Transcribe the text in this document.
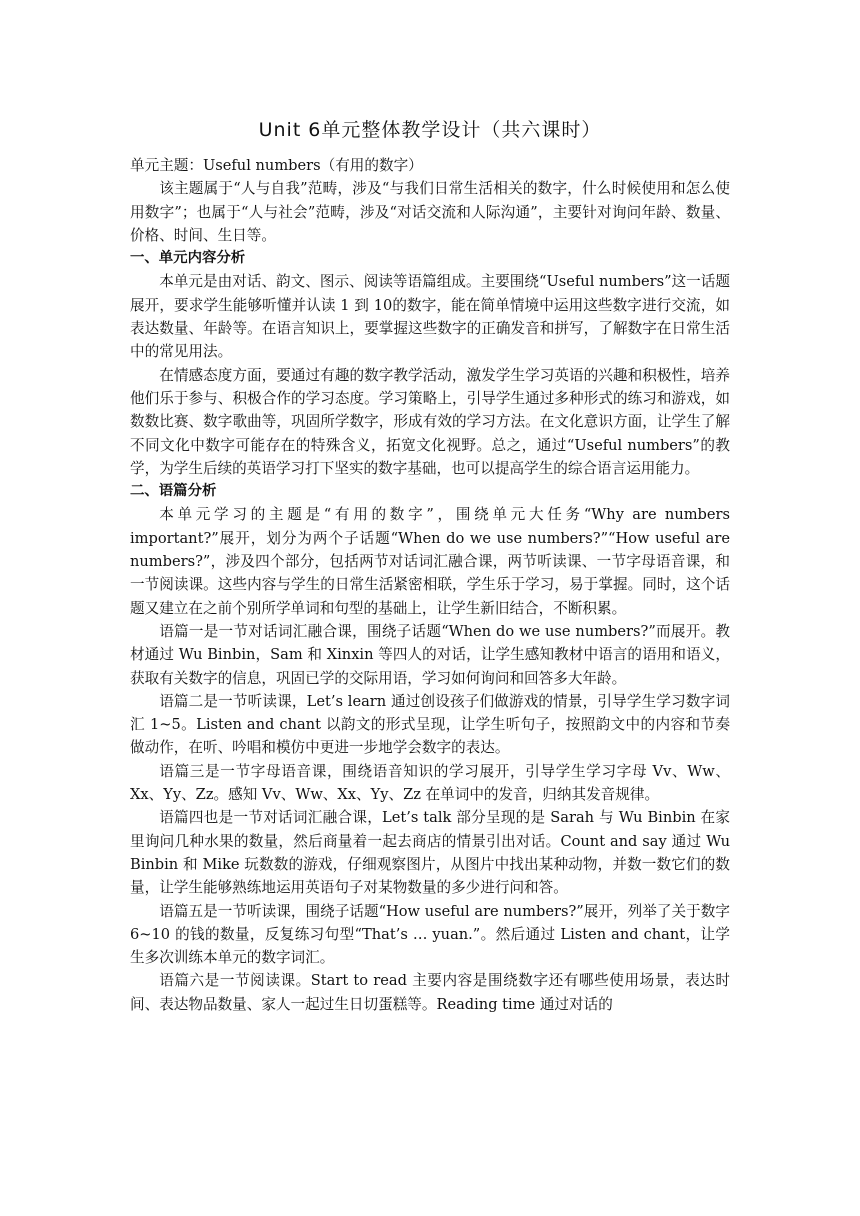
Unit 6单元整体教学设计（共六课时）

单元主题：Useful numbers（有用的数字）

该主题属于“人与自我”范畴，涉及“与我们日常生活相关的数字，什么时候使用和怎么使用数字”；也属于“人与社会”范畴，涉及“对话交流和人际沟通”，主要针对询问年龄、数量、价格、时间、生日等。

一、单元内容分析

本单元是由对话、韵文、图示、阅读等语篇组成。主要围绕“Useful numbers”这一话题展开，要求学生能够听懂并认读 1 到 10的数字，能在简单情境中运用这些数字进行交流，如表达数量、年龄等。在语言知识上，要掌握这些数字的正确发音和拼写，了解数字在日常生活中的常见用法。

在情感态度方面，要通过有趣的数字教学活动，激发学生学习英语的兴趣和积极性，培养他们乐于参与、积极合作的学习态度。学习策略上，引导学生通过多种形式的练习和游戏，如数数比赛、数字歌曲等，巩固所学数字，形成有效的学习方法。在文化意识方面，让学生了解不同文化中数字可能存在的特殊含义，拓宽文化视野。总之，通过“Useful numbers”的教学，为学生后续的英语学习打下坚实的数字基础，也可以提高学生的综合语言运用能力。

二、语篇分析

本单元学习的主题是“有用的数字”，围绕单元大任务“Why are numbers important?”展开，划分为两个子话题“When do we use numbers?”“How useful are numbers?”，涉及四个部分，包括两节对话词汇融合课，两节听读课、一节字母语音课，和一节阅读课。这些内容与学生的日常生活紧密相联，学生乐于学习，易于掌握。同时，这个话题又建立在之前个别所学单词和句型的基础上，让学生新旧结合，不断积累。

语篇一是一节对话词汇融合课，围绕子话题“When do we use numbers?”而展开。教材通过 Wu Binbin，Sam 和 Xinxin 等四人的对话，让学生感知教材中语言的语用和语义，获取有关数字的信息，巩固已学的交际用语，学习如何询问和回答多大年龄。

语篇二是一节听读课，Let’s learn 通过创设孩子们做游戏的情景，引导学生学习数字词汇 1~5。Listen and chant 以韵文的形式呈现，让学生听句子，按照韵文中的内容和节奏做动作，在听、吟唱和模仿中更进一步地学会数字的表达。

语篇三是一节字母语音课，围绕语音知识的学习展开，引导学生学习字母 Vv、Ww、Xx、Yy、Zz。感知 Vv、Ww、Xx、Yy、Zz 在单词中的发音，归纳其发音规律。

语篇四也是一节对话词汇融合课，Let’s talk 部分呈现的是 Sarah 与 Wu Binbin 在家里询问几种水果的数量，然后商量着一起去商店的情景引出对话。Count and say 通过 Wu Binbin 和 Mike 玩数数的游戏，仔细观察图片，从图片中找出某种动物，并数一数它们的数量，让学生能够熟练地运用英语句子对某物数量的多少进行问和答。

语篇五是一节听读课，围绕子话题“How useful are numbers?”展开，列举了关于数字 6~10 的钱的数量，反复练习句型“That’s … yuan.”。然后通过 Listen and chant，让学生多次训练本单元的数字词汇。

语篇六是一节阅读课。Start to read 主要内容是围绕数字还有哪些使用场景，表达时间、表达物品数量、家人一起过生日切蛋糕等。Reading time 通过对话的
